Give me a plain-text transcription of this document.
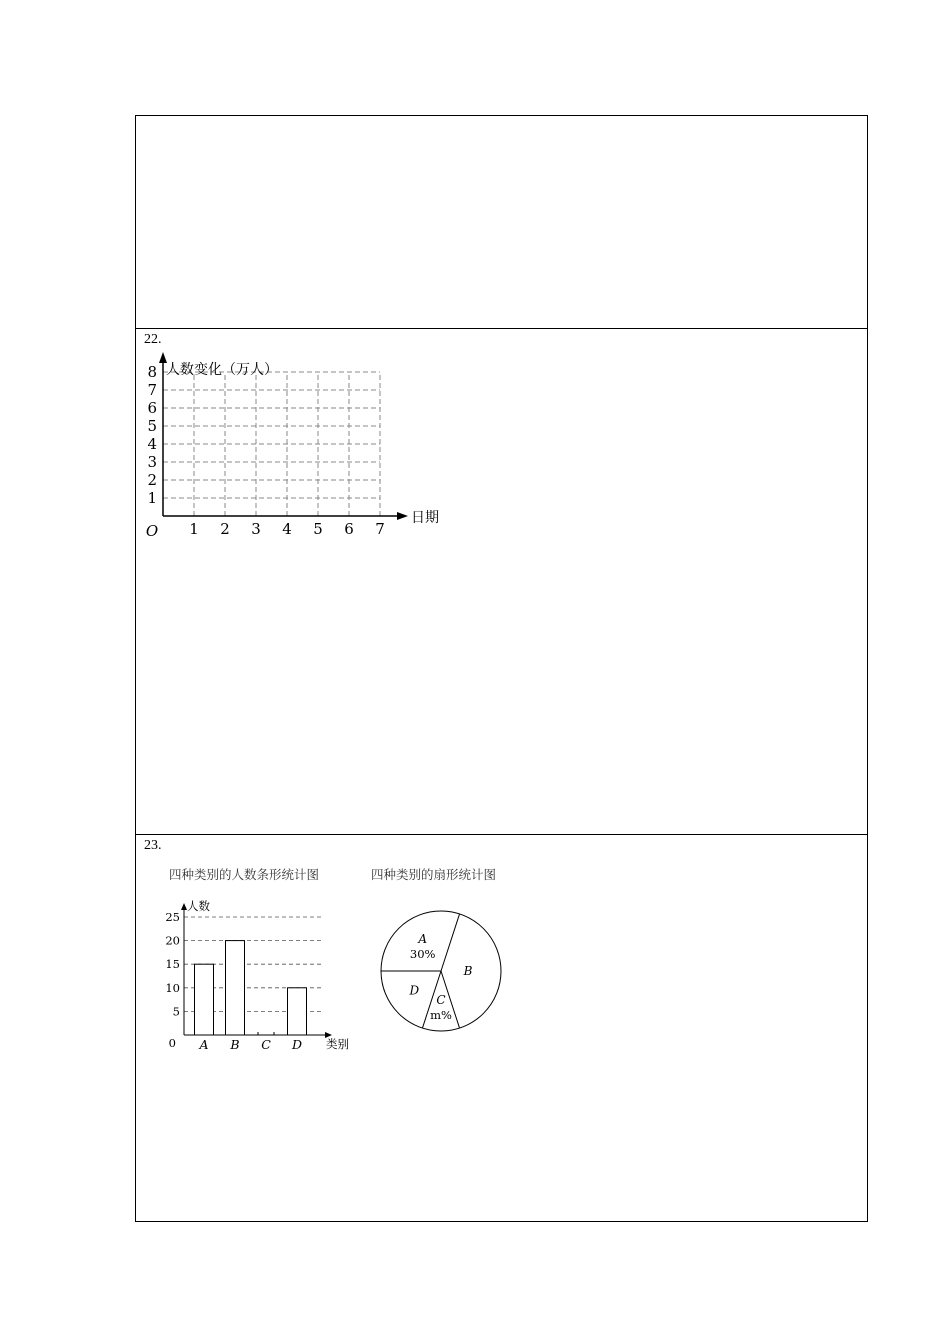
22.
1 2 3 4 5 6 7
1
2
3
4
5
6
7
8
O
人数变化（万人）
日期
23.
四种类别的人数条形统计图
0
5
10
15
20
25
人数
类别
A B C D
四种类别的扇形统计图
A
30%
B
C
m%
D
